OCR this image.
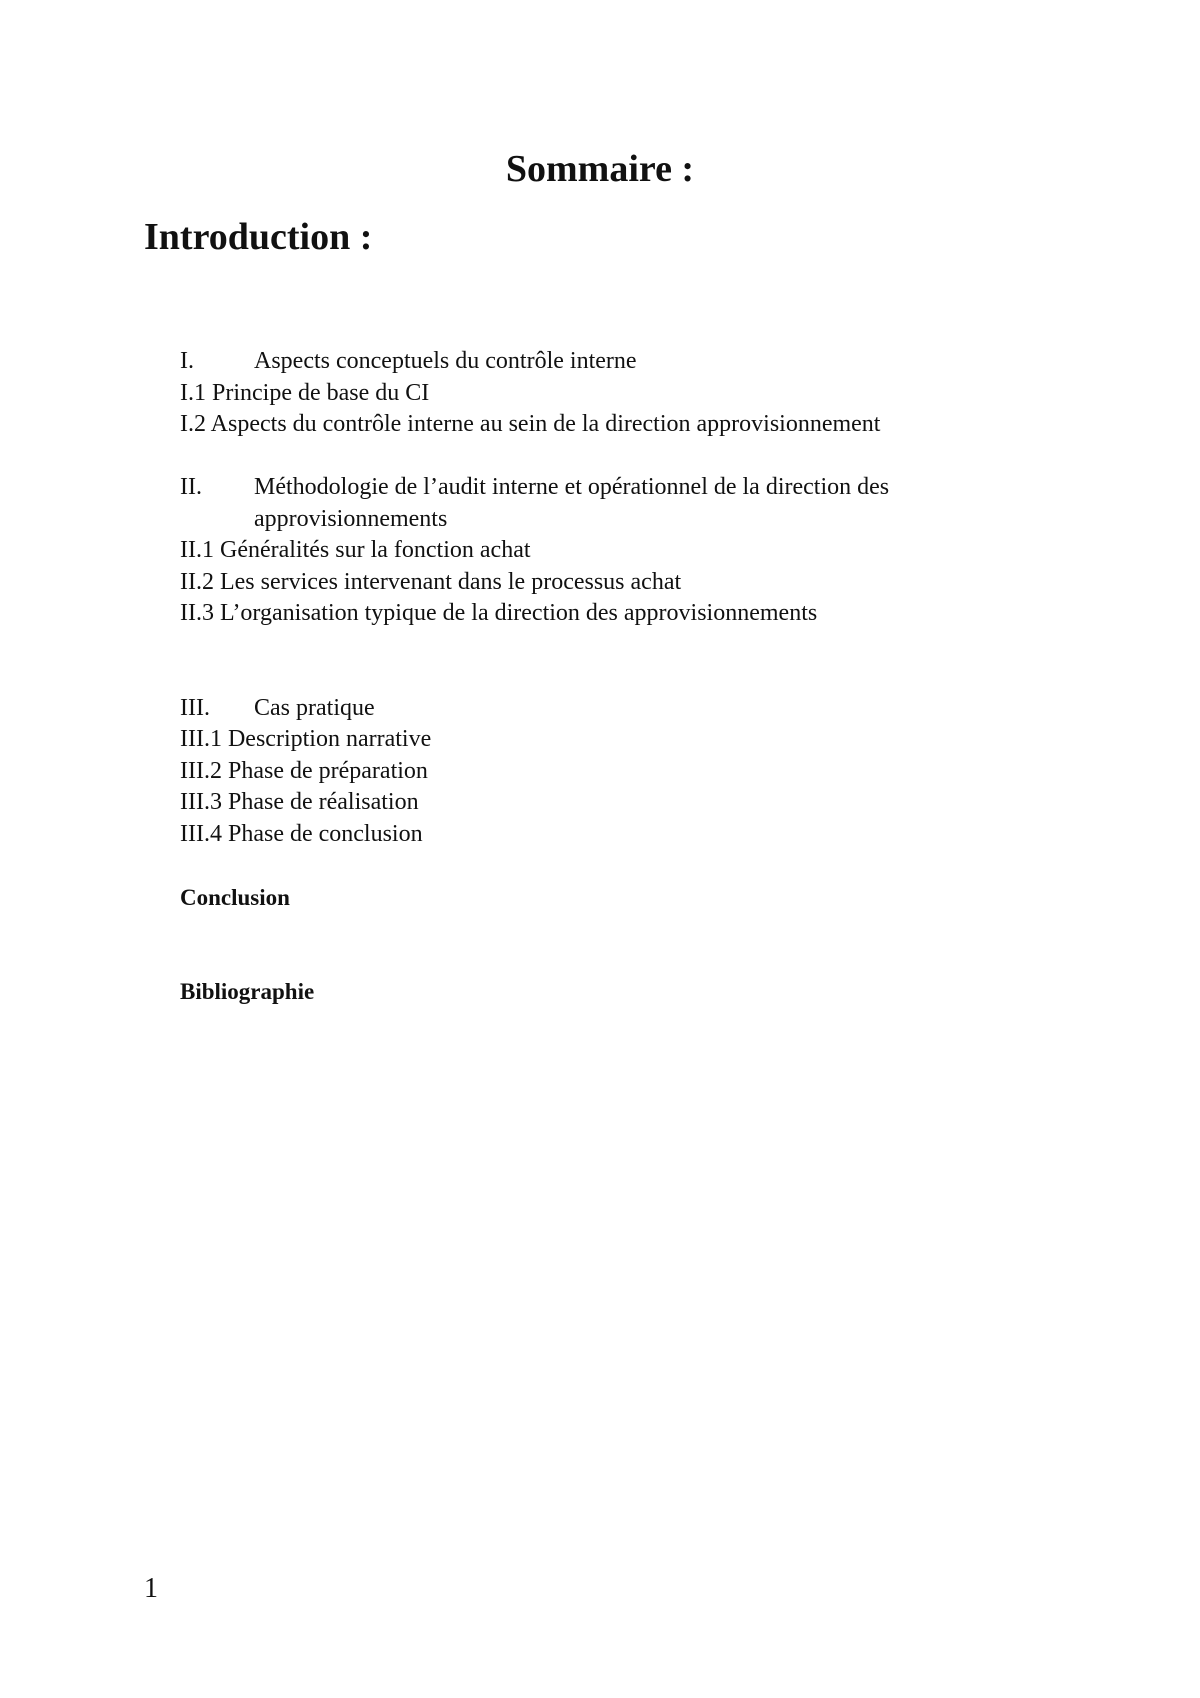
Sommaire :
Introduction :
I.	Aspects conceptuels du contrôle interne
I.1 Principe de base du CI
I.2 Aspects du contrôle interne au sein de la direction approvisionnement
II.	Méthodologie de l’audit interne et opérationnel de la direction des approvisionnements
II.1 Généralités sur la fonction achat
II.2 Les services intervenant dans le processus achat
II.3 L’organisation typique de la direction des approvisionnements
III.	Cas pratique
III.1 Description narrative
III.2 Phase de préparation
III.3 Phase de réalisation
III.4 Phase de conclusion
Conclusion
Bibliographie
1
